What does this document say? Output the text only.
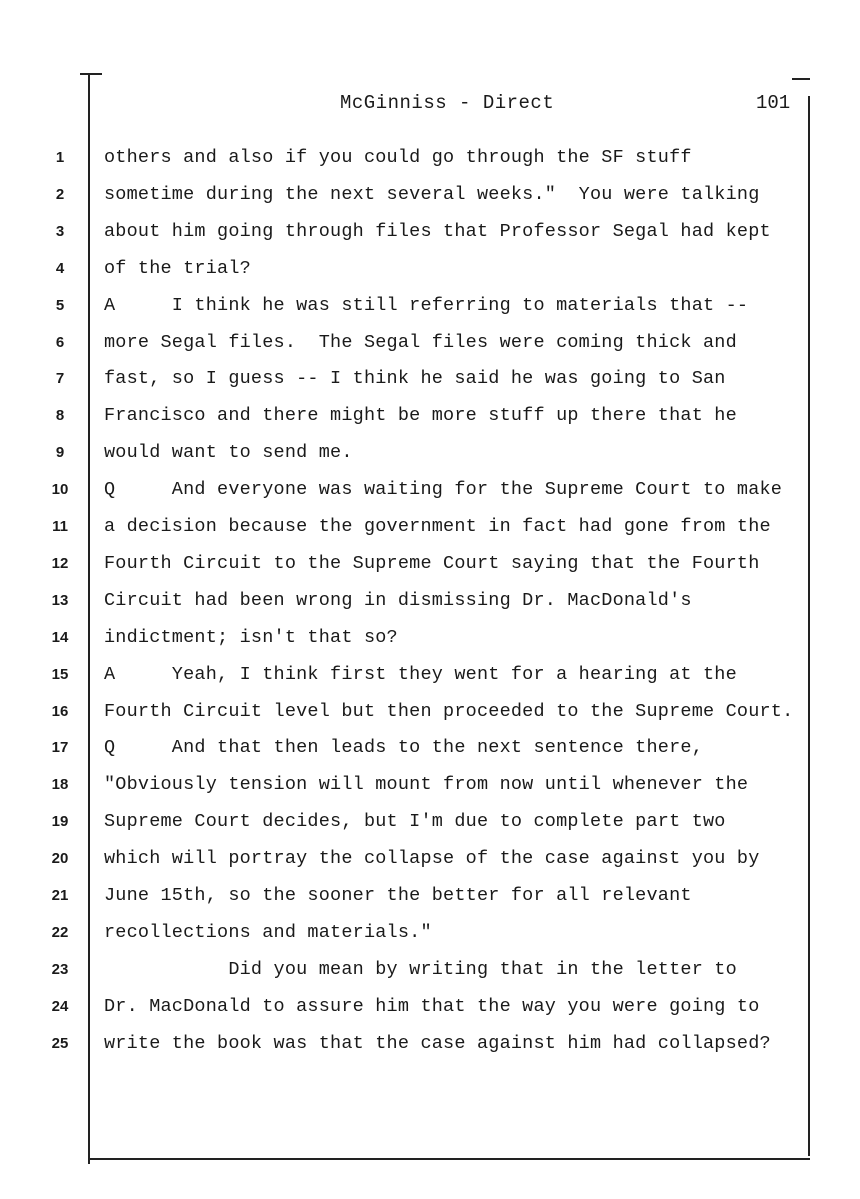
McGinniss - Direct	101
1	others and also if you could go through the SF stuff
2	sometime during the next several weeks."  You were talking
3	about him going through files that Professor Segal had kept
4	of the trial?
5	A     I think he was still referring to materials that --
6	more Segal files.  The Segal files were coming thick and
7	fast, so I guess -- I think he said he was going to San
8	Francisco and there might be more stuff up there that he
9	would want to send me.
10	Q     And everyone was waiting for the Supreme Court to make
11	a decision because the government in fact had gone from the
12	Fourth Circuit to the Supreme Court saying that the Fourth
13	Circuit had been wrong in dismissing Dr. MacDonald's
14	indictment; isn't that so?
15	A     Yeah, I think first they went for a hearing at the
16	Fourth Circuit level but then proceeded to the Supreme Court.
17	Q     And that then leads to the next sentence there,
18	"Obviously tension will mount from now until whenever the
19	Supreme Court decides, but I'm due to complete part two
20	which will portray the collapse of the case against you by
21	June 15th, so the sooner the better for all relevant
22	recollections and materials."
23	Did you mean by writing that in the letter to
24	Dr. MacDonald to assure him that the way you were going to
25	write the book was that the case against him had collapsed?
